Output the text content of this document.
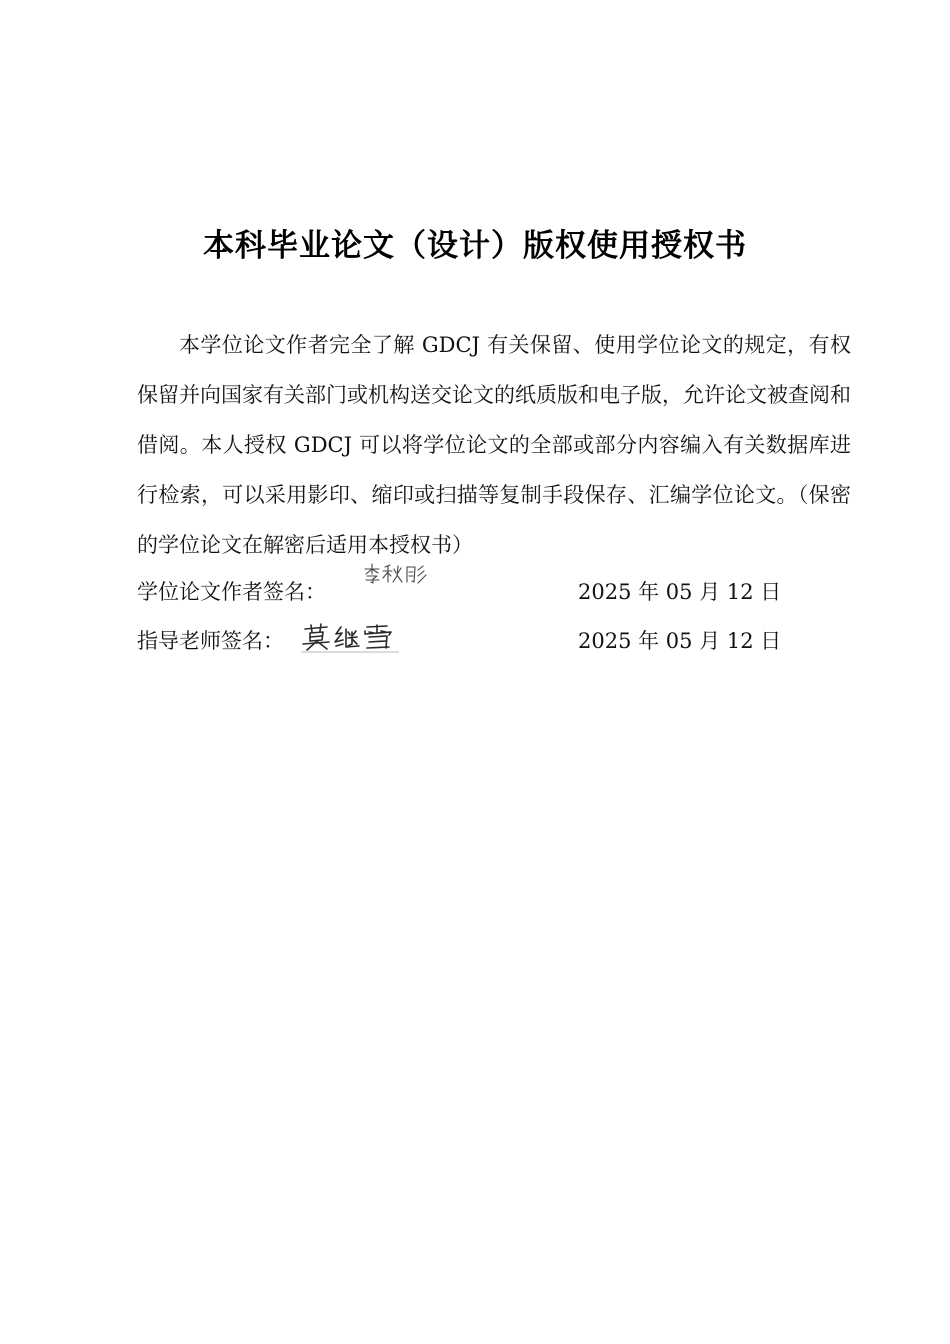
本科毕业论文（设计）版权使用授权书
本学位论文作者完全了解 GDCJ 有关保留、使用学位论文的规定，有权保留并向国家有关部门或机构送交论文的纸质版和电子版，允许论文被查阅和借阅。本人授权 GDCJ 可以将学位论文的全部或部分内容编入有关数据库进行检索，可以采用影印、缩印或扫描等复制手段保存、汇编学位论文。（保密的学位论文在解密后适用本授权书）
学位论文作者签名：	2025 年 05 月 12 日
指导老师签名：	2025 年 05 月 12 日
